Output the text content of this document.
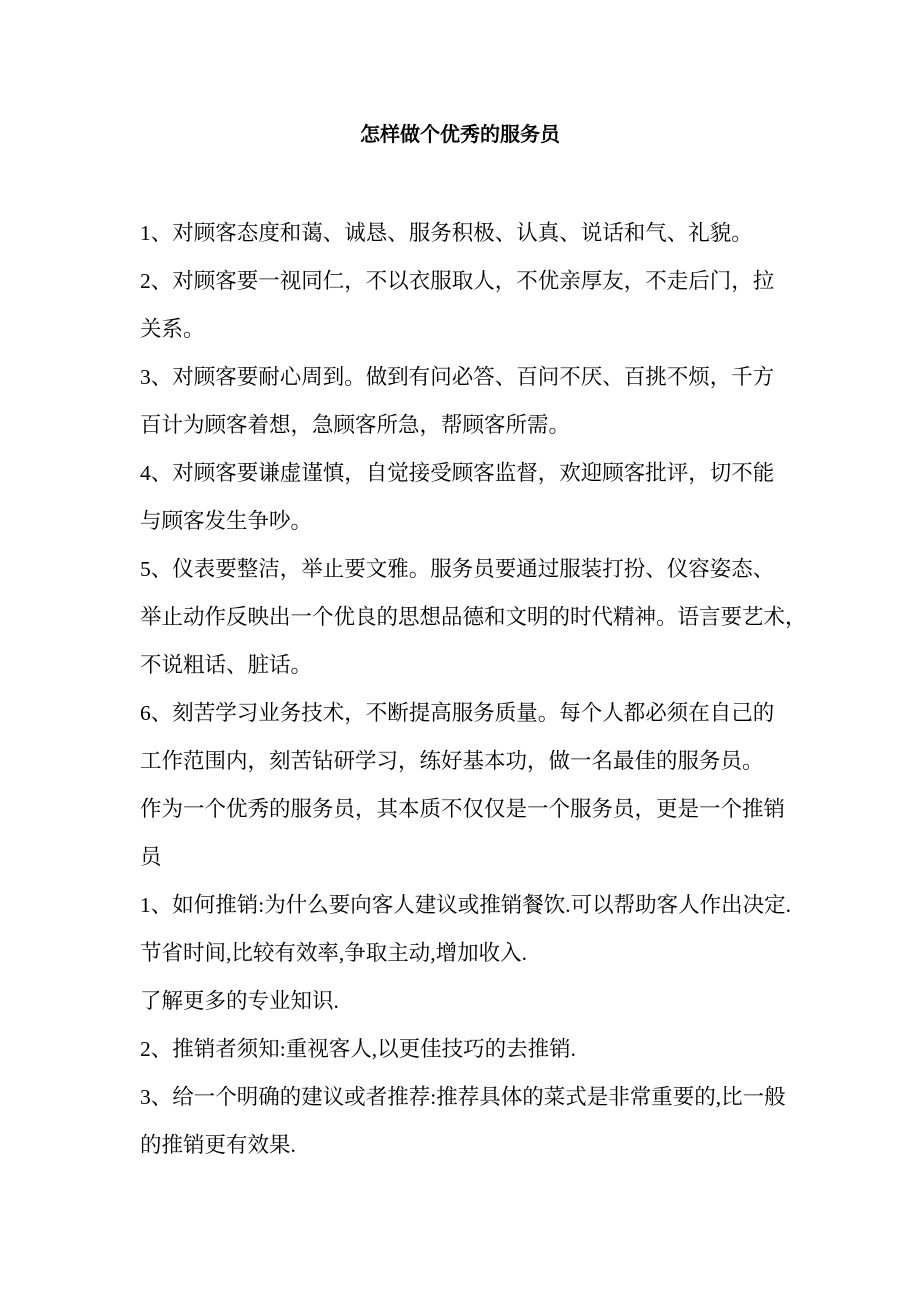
怎样做个优秀的服务员
1、对顾客态度和蔼、诚恳、服务积极、认真、说话和气、礼貌。
2、对顾客要一视同仁，不以衣服取人，不优亲厚友，不走后门，拉
关系。
3、对顾客要耐心周到。做到有问必答、百问不厌、百挑不烦，千方
百计为顾客着想，急顾客所急，帮顾客所需。
4、对顾客要谦虚谨慎，自觉接受顾客监督，欢迎顾客批评，切不能
与顾客发生争吵。
5、仪表要整洁，举止要文雅。服务员要通过服装打扮、仪容姿态、
举止动作反映出一个优良的思想品德和文明的时代精神。语言要艺术，
不说粗话、脏话。
6、刻苦学习业务技术，不断提高服务质量。每个人都必须在自己的
工作范围内，刻苦钻研学习，练好基本功，做一名最佳的服务员。
作为一个优秀的服务员，其本质不仅仅是一个服务员，更是一个推销
员
1、如何推销:为什么要向客人建议或推销餐饮.可以帮助客人作出决定.
节省时间,比较有效率,争取主动,增加收入.
了解更多的专业知识.
2、推销者须知:重视客人,以更佳技巧的去推销.
3、给一个明确的建议或者推荐:推荐具体的菜式是非常重要的,比一般
的推销更有效果.
